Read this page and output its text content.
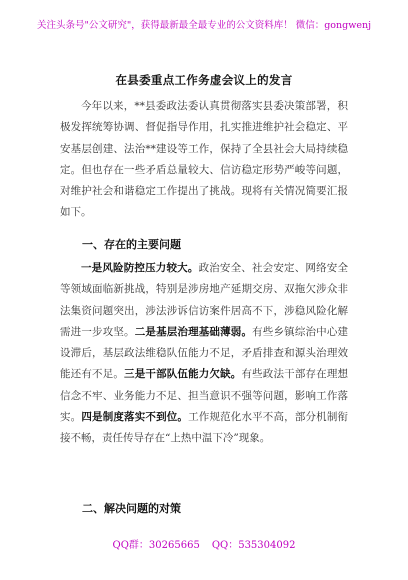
关注头条号"公文研究"，获得最新最全最专业的公文资料库！ 微信：gongwenj
在县委重点工作务虚会议上的发言
今年以来，**县委政法委认真贯彻落实县委决策部署，积极发挥统筹协调、督促指导作用，扎实推进维护社会稳定、平安基层创建、法治**建设等工作，保持了全县社会大局持续稳定。但也存在一些矛盾总量较大、信访稳定形势严峻等问题，对维护社会和谐稳定工作提出了挑战。现将有关情况简要汇报如下。
一、存在的主要问题
一是风险防控压力较大。政治安全、社会安定、网络安全等领域面临新挑战，特别是涉房地产延期交房、双拖欠涉众非法集资问题突出，涉法涉诉信访案件居高不下，涉稳风险化解需进一步攻坚。二是基层治理基础薄弱。有些乡镇综治中心建设滞后，基层政法维稳队伍能力不足，矛盾排查和源头治理效能还有不足。三是干部队伍能力欠缺。有些政法干部存在理想信念不牢、业务能力不足、担当意识不强等问题，影响工作落实。四是制度落实不到位。工作规范化水平不高，部分机制衔接不畅，责任传导存在“上热中温下冷”现象。
二、解决问题的对策
QQ群：30265665 QQ：535304092
